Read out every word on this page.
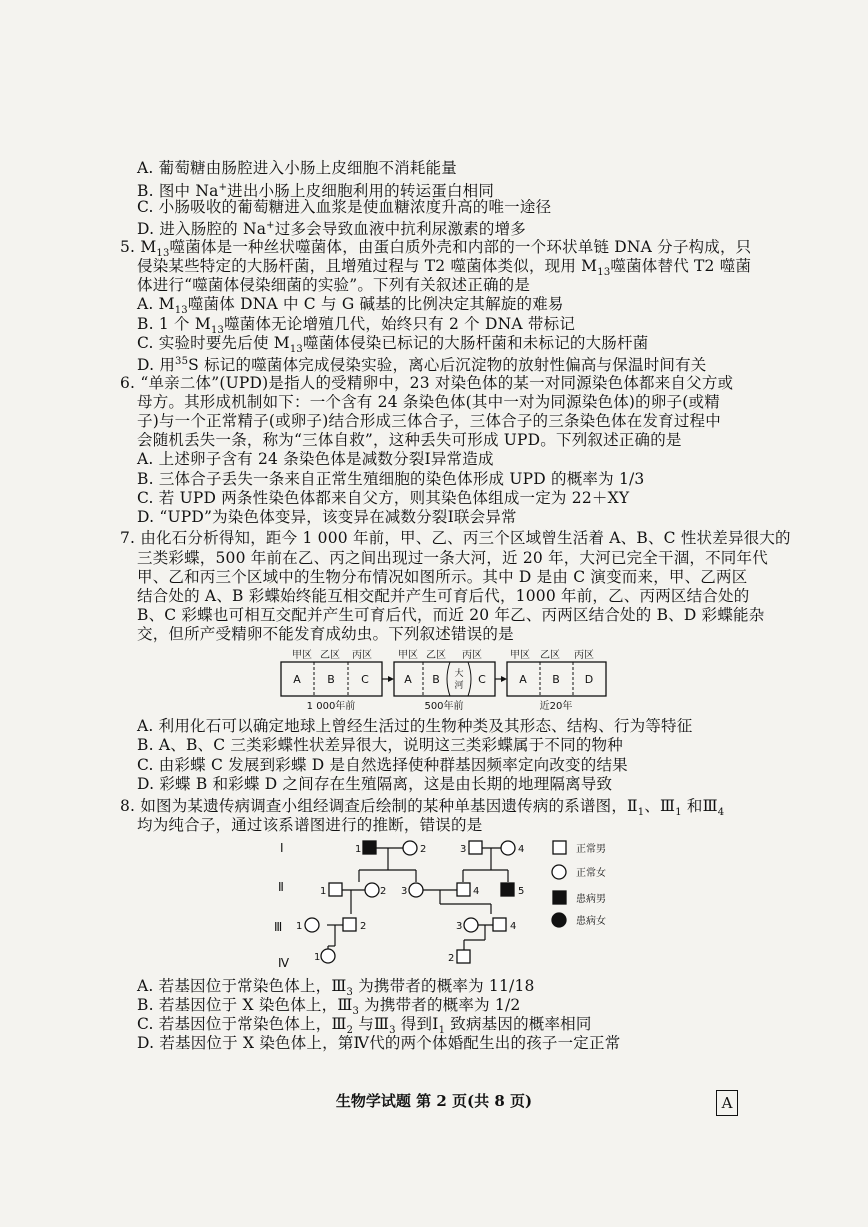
A. 葡萄糖由肠腔进入小肠上皮细胞不消耗能量
B. 图中 Na+进出小肠上皮细胞利用的转运蛋白相同
C. 小肠吸收的葡萄糖进入血浆是使血糖浓度升高的唯一途径
D. 进入肠腔的 Na+过多会导致血液中抗利尿激素的增多
5. $M_{13}$噬菌体是一种丝状噬菌体，由蛋白质外壳和内部的一个环状单链 DNA 分子构成，只
侵染某些特定的大肠杆菌，且增殖过程与 T2 噬菌体类似，现用 $M_{13}$噬菌体替代 T2 噬菌
体进行“噬菌体侵染细菌的实验”。下列有关叙述正确的是
A. $M_{13}$噬菌体 DNA 中 C 与 G 碱基的比例决定其解旋的难易
B. 1 个 $M_{13}$噬菌体无论增殖几代，始终只有 2 个 DNA 带标记
C. 实验时要先后使 $M_{13}$噬菌体侵染已标记的大肠杆菌和未标记的大肠杆菌
D. 用$^{35}$S 标记的噬菌体完成侵染实验，离心后沉淀物的放射性偏高与保温时间有关
6. “单亲二体”(UPD)是指人的受精卵中，23 对染色体的某一对同源染色体都来自父方或
母方。其形成机制如下：一个含有 24 条染色体(其中一对为同源染色体)的卵子(或精
子)与一个正常精子(或卵子)结合形成三体合子，三体合子的三条染色体在发育过程中
会随机丢失一条，称为“三体自救”，这种丢失可形成 UPD。下列叙述正确的是
A. 上述卵子含有 24 条染色体是减数分裂Ⅰ异常造成
B. 三体合子丢失一条来自正常生殖细胞的染色体形成 UPD 的概率为 1/3
C. 若 UPD 两条性染色体都来自父方，则其染色体组成一定为 22＋XY
D. “UPD”为染色体变异，该变异在减数分裂Ⅰ联会异常
7. 由化石分析得知，距今 1 000 年前，甲、乙、丙三个区域曾生活着 A、B、C 性状差异很大的
三类彩蝶，500 年前在乙、丙之间出现过一条大河，近 20 年，大河已完全干涸，不同年代
甲、乙和丙三个区域中的生物分布情况如图所示。其中 D 是由 C 演变而来，甲、乙两区
结合处的 A、B 彩蝶始终能互相交配并产生可育后代，1000 年前，乙、丙两区结合处的
B、C 彩蝶也可相互交配并产生可育后代，而近 20 年乙、丙两区结合处的 B、D 彩蝶能杂
交，但所产受精卵不能发育成幼虫。下列叙述错误的是
甲区 乙区 丙区	甲区 乙区 丙区	甲区 乙区 丙区
A B C	A B	C	A B D
大
河
1 000年前	500年前	近20年
A. 利用化石可以确定地球上曾经生活过的生物种类及其形态、结构、行为等特征
B. A、B、C 三类彩蝶性状差异很大，说明这三类彩蝶属于不同的物种
C. 由彩蝶 C 发展到彩蝶 D 是自然选择使种群基因频率定向改变的结果
D. 彩蝶 B 和彩蝶 D 之间存在生殖隔离，这是由长期的地理隔离导致
8. 如图为某遗传病调查小组经调查后绘制的某种单基因遗传病的系谱图，$Ⅱ_1$、$Ⅲ_1$ 和$Ⅲ_4$
均为纯合子，通过该系谱图进行的推断，错误的是
Ⅰ
Ⅱ
Ⅲ
Ⅳ
1	2	3	4
1	2 3	4	5
1	2	3	4
1	2
正常男
正常女
患病男
患病女
A. 若基因位于常染色体上，$Ⅲ_3$ 为携带者的概率为 11/18
B. 若基因位于 X 染色体上，$Ⅲ_3$ 为携带者的概率为 1/2
C. 若基因位于常染色体上，$Ⅲ_2$ 与$Ⅲ_3$ 得到$Ⅰ_1$ 致病基因的概率相同
D. 若基因位于 X 染色体上，第Ⅳ代的两个体婚配生出的孩子一定正常
生物学试题 第 2 页(共 8 页)	A
